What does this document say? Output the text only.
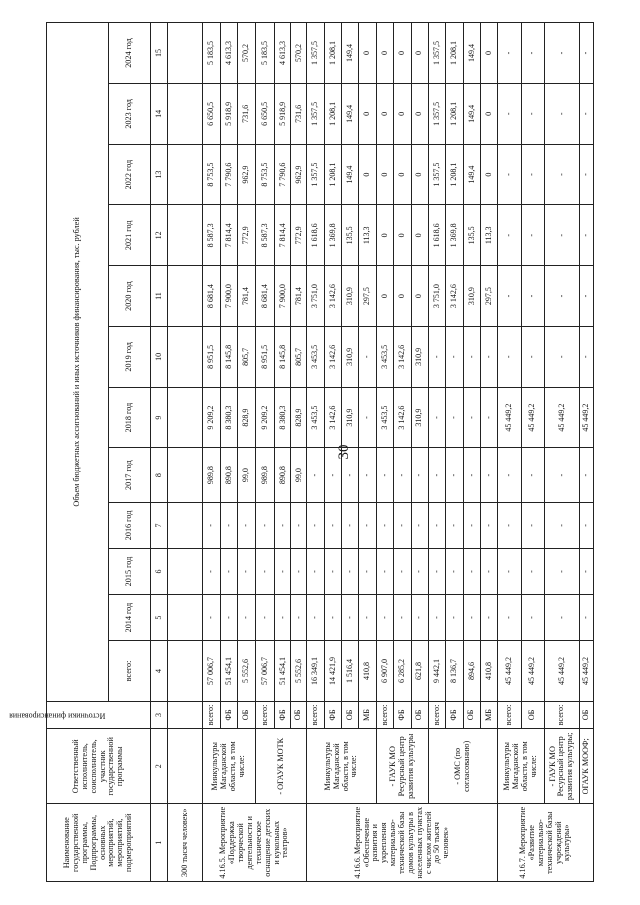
30
Наименование государственной программы, Подпрограммы, основных мероприятий, мероприятий, подмероприятий	Ответственный исполнитель, соисполнитель, участник государственной программы	Источники финансирования	Объем бюджетных ассигнований и иных источников финансирования, тыс. рублей											
			всего:	2014 год	2015 год	2016 год	2017 год	2018 год	2019 год	2020 год	2021 год	2022 год	2023 год	2024 год
1	2	3	4	5	6	7	8	9	10	11	12	13	14	15
300 тысяч человек»														
4.16.5. Мероприятие «Поддержка творческой деятельности и техническое оснащение детских и кукольных театров»	Минкультуры Магаданской области, в том числе:	всего:	57 006,7	-	-	-	989,8	9 209,2	8 951,5	8 681,4	8 587,3	8 753,5	6 650,5	5 183,5
		ФБ	51 454,1	-	-	-	890,8	8 380,3	8 145,8	7 900,0	7 814,4	7 790,6	5 918,9	4 613,3
		ОБ	5 552,6	-	-	-	99,0	828,9	805,7	781,4	772,9	962,9	731,6	570,2
	- ОГАУК МОТК	всего:	57 006,7	-	-	-	989,8	9 209,2	8 951,5	8 681,4	8 587,3	8 753,5	6 650,5	5 183,5
		ФБ	51 454,1	-	-	-	890,8	8 380,3	8 145,8	7 900,0	7 814,4	7 790,6	5 918,9	4 613,3
		ОБ	5 552,6	-	-	-	99,0	828,9	805,7	781,4	772,9	962,9	731,6	570,2
4.16.6. Мероприятие «Обеспечение развития и укрепления материально-технической базы домов культуры в населенных пунктах с числом жителей до 50 тысяч человек»	Минкультуры Магаданской области, в том числе:	всего:	16 349,1	-	-	-	-	3 453,5	3 453,5	3 751,0	1 618,6	1 357,5	1 357,5	1 357,5
		ФБ	14 421,9	-	-	-	-	3 142,6	3 142,6	3 142,6	1 369,8	1 208,1	1 208,1	1 208,1
		ОБ	1 516,4	-	-	-	-	310,9	310,9	310,9	135,5	149,4	149,4	149,4
		МБ	410,8	-	-	-	-	-	-	297,5	113,3	0	0	0
	- ГАУК МО Ресурсный центр развития культуры	всего:	6 907,0	-	-	-	-	3 453,5	3 453,5	0	0	0	0	0
		ФБ	6 285,2	-	-	-	-	3 142,6	3 142,6	0	0	0	0	0
		ОБ	621,8	-	-	-	-	310,9	310,9	0	0	0	0	0
	- ОМС (по согласованию)	всего:	9 442,1	-	-	-	-	-	-	3 751,0	1 618,6	1 357,5	1 357,5	1 357,5
		ФБ	8 136,7	-	-	-	-	-	-	3 142,6	1 369,8	1 208,1	1 208,1	1 208,1
		ОБ	894,6	-	-	-	-	-	-	310,9	135,5	149,4	149,4	149,4
		МБ	410,8	-	-	-	-	-	-	297,5	113,3	0	0	0
4.16.7. Мероприятие «Развитие материально-технической базы учреждений культуры»	Минкультуры Магаданской области, в том числе:	всего:	45 449,2	-	-	-	-	45 449,2	-	-	-	-	-	-
		ОБ	45 449,2	-	-	-	-	45 449,2	-	-	-	-	-	-
	- ГАУК МО Ресурсный центр развития культуры;	всего:	45 449,2	-	-	-	-	45 449,2	-	-	-	-	-	-
	ОГАУК МООФ;	ОБ	45 449,2	-	-	-	-	45 449,2	-	-	-	-	-	-
